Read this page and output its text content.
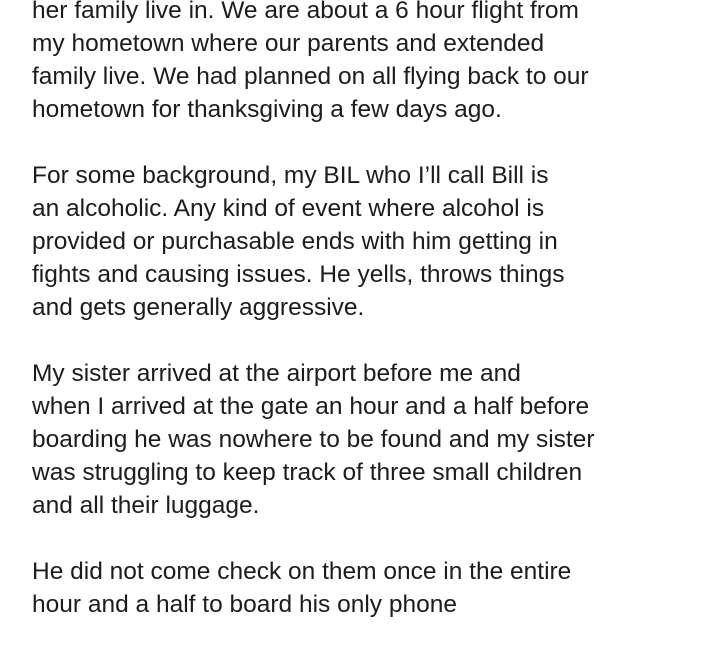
her family live in. We are about a 6 hour flight from
my hometown where our parents and extended
family live. We had planned on all flying back to our
hometown for thanksgiving a few days ago.

For some background, my BIL who I’ll call Bill is
an alcoholic. Any kind of event where alcohol is
provided or purchasable ends with him getting in
fights and causing issues. He yells, throws things
and gets generally aggressive.

My sister arrived at the airport before me and
when I arrived at the gate an hour and a half before
boarding he was nowhere to be found and my sister
was struggling to keep track of three small children
and all their luggage.

He did not come check on them once in the entire
hour and a half to board his only phone
